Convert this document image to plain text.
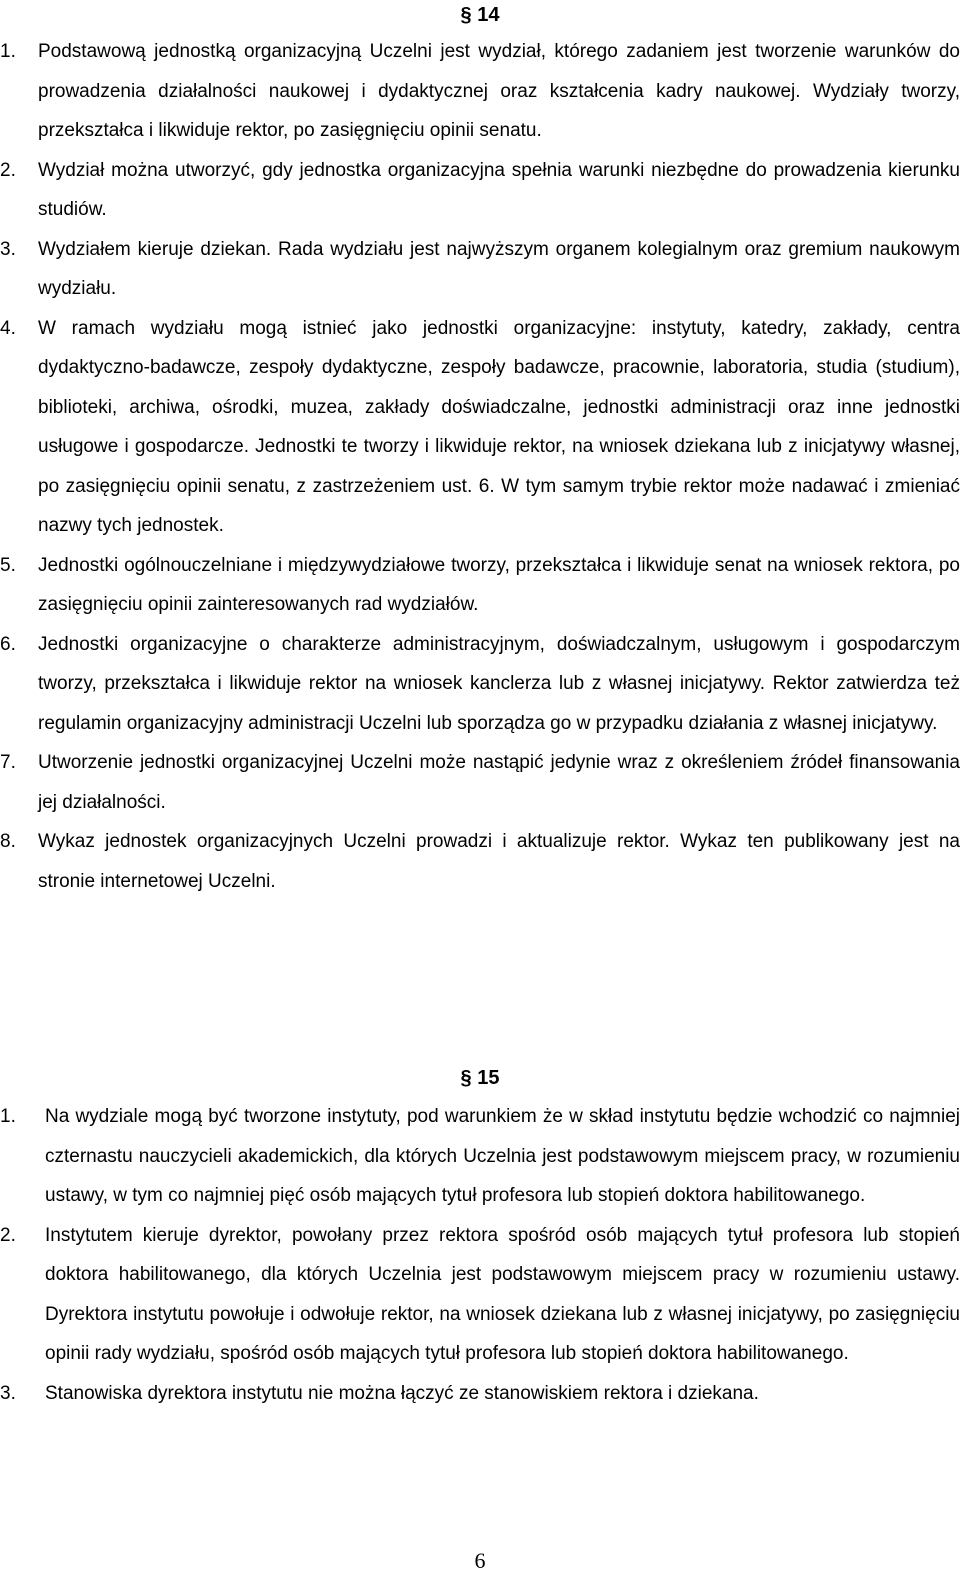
§ 14
1. Podstawową jednostką organizacyjną Uczelni jest wydział, którego zadaniem jest tworzenie warunków do prowadzenia działalności naukowej i dydaktycznej oraz kształcenia kadry naukowej. Wydziały tworzy, przekształca i likwiduje rektor, po zasięgnięciu opinii senatu.
2. Wydział można utworzyć, gdy jednostka organizacyjna spełnia warunki niezbędne do prowadzenia kierunku studiów.
3. Wydziałem kieruje dziekan. Rada wydziału jest najwyższym organem kolegialnym oraz gremium naukowym wydziału.
4. W ramach wydziału mogą istnieć jako jednostki organizacyjne: instytuty, katedry, zakłady, centra dydaktyczno-badawcze, zespoły dydaktyczne, zespoły badawcze, pracownie, laboratoria, studia (studium), biblioteki, archiwa, ośrodki, muzea, zakłady doświadczalne, jednostki administracji oraz inne jednostki usługowe i gospodarcze. Jednostki te tworzy i likwiduje rektor, na wniosek dziekana lub z inicjatywy własnej, po zasięgnięciu opinii senatu, z zastrzeżeniem ust. 6. W tym samym trybie rektor może nadawać i zmieniać nazwy tych jednostek.
5. Jednostki ogólnouczelniane i międzywydziałowe tworzy, przekształca i likwiduje senat na wniosek rektora, po zasięgnięciu opinii zainteresowanych rad wydziałów.
6. Jednostki organizacyjne o charakterze administracyjnym, doświadczalnym, usługowym i gospodarczym tworzy, przekształca i likwiduje rektor na wniosek kanclerza lub z własnej inicjatywy. Rektor zatwierdza też regulamin organizacyjny administracji Uczelni lub sporządza go w przypadku działania z własnej inicjatywy.
7. Utworzenie jednostki organizacyjnej Uczelni może nastąpić jedynie wraz z określeniem źródeł finansowania jej działalności.
8. Wykaz jednostek organizacyjnych Uczelni prowadzi i aktualizuje rektor. Wykaz ten publikowany jest na stronie internetowej Uczelni.
§ 15
1. Na wydziale mogą być tworzone instytuty, pod warunkiem że w skład instytutu będzie wchodzić co najmniej czternastu nauczycieli akademickich, dla których Uczelnia jest podstawowym miejscem pracy, w rozumieniu ustawy, w tym co najmniej pięć osób mających tytuł profesora lub stopień doktora habilitowanego.
2. Instytutem kieruje dyrektor, powołany przez rektora spośród osób mających tytuł profesora lub stopień doktora habilitowanego, dla których Uczelnia jest podstawowym miejscem pracy w rozumieniu ustawy. Dyrektora instytutu powołuje i odwołuje rektor, na wniosek dziekana lub z własnej inicjatywy, po zasięgnięciu opinii rady wydziału, spośród osób mających tytuł profesora lub stopień doktora habilitowanego.
3. Stanowiska dyrektora instytutu nie można łączyć ze stanowiskiem rektora i dziekana.
6
